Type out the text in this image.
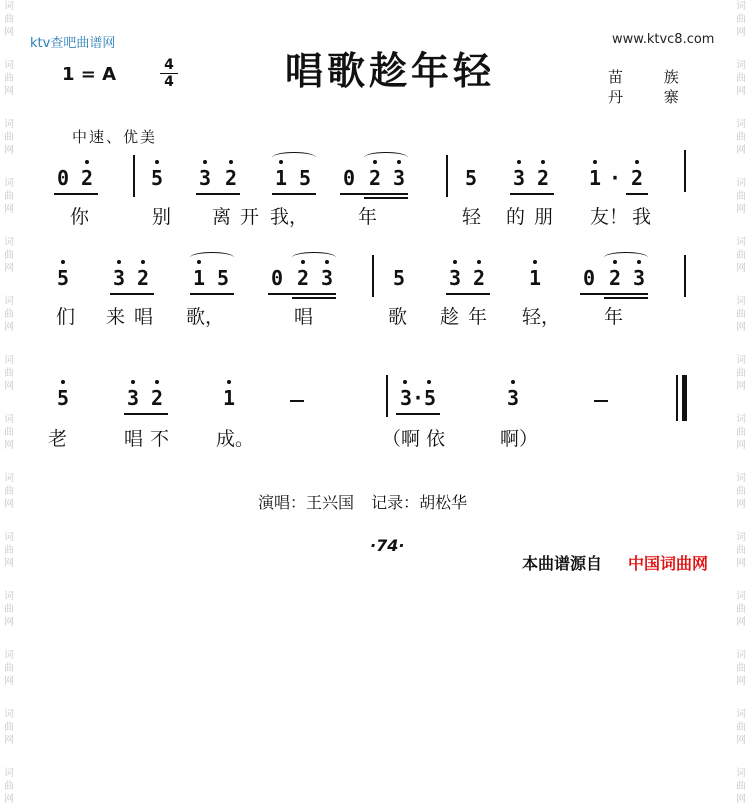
词
曲
网
词
曲
网
词
曲
网
词
曲
网
词
曲
网
词
曲
网
词
曲
网
词
曲
网
词
曲
网
词
曲
网
词
曲
网
词
曲
网
词
曲
网
词
曲
网
词
曲
网
词
曲
网
词
曲
网
词
曲
网
词
曲
网
词
曲
网
词
曲
网
词
曲
网
词
曲
网
词
曲
网
词
曲
网
词
曲
网
词
曲
网
词
曲
网
ktv查吧曲谱网	www.ktvc8.com
唱歌趁年轻
1 = A	4
4	苗 族
丹 寨
中速、优美
0 2	5 3 2 1 5 0 2 3	5 3 2 1 · 2
你	别 离 开 我，	年	轻 的 朋 友！ 我
5 3 2 1 5 0 2 3	5 3 2 1 0 2 3
们 来 唱 歌，	唱	歌 趁 年 轻， 年
5	3 2	1	3·5	3
老	唱 不 成。	（啊 依	啊）
演唱：王兴国 记录：胡松华
·74·
本曲谱源自 中国词曲网
